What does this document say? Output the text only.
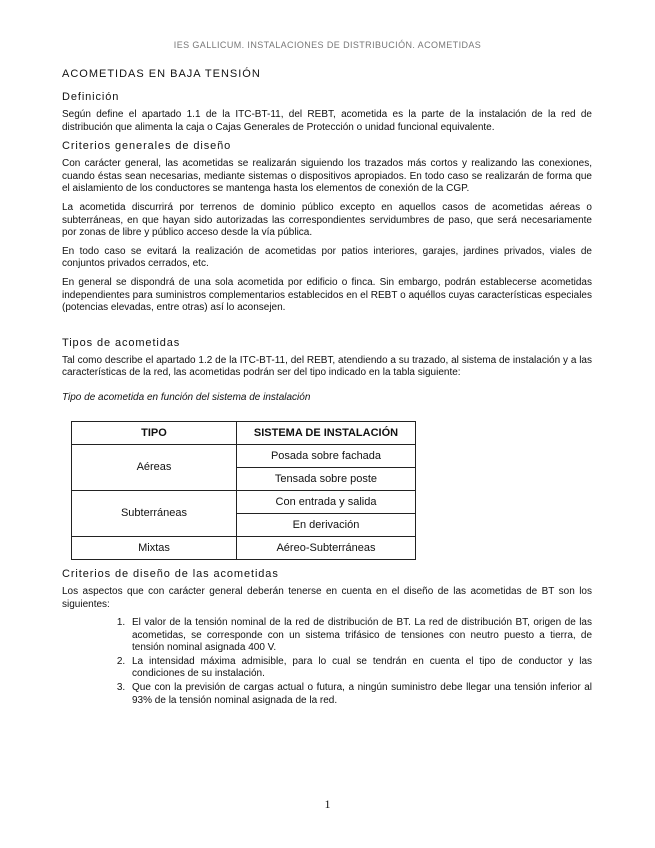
IES GALLICUM. INSTALACIONES DE DISTRIBUCIÓN. ACOMETIDAS
ACOMETIDAS EN BAJA TENSIÓN
Definición

Según define el apartado 1.1 de la ITC-BT-11, del REBT, acometida es la parte de la instalación de la red de distribución que alimenta la caja o Cajas Generales de Protección o unidad funcional equivalente.

Criterios generales de diseño

Con carácter general, las acometidas se realizarán siguiendo los trazados más cortos y realizando las conexiones, cuando éstas sean necesarias, mediante sistemas o dispositivos apropiados. En todo caso se realizarán de forma que el aislamiento de los conductores se mantenga hasta los elementos de conexión de la CGP.

La acometida discurrirá por terrenos de dominio público excepto en aquellos casos de acometidas aéreas o subterráneas, en que hayan sido autorizadas las correspondientes servidumbres de paso, que será necesariamente por zonas de libre y público acceso desde la vía pública.

En todo caso se evitará la realización de acometidas por patios interiores, garajes, jardines privados, viales de conjuntos privados cerrados, etc.

En general se dispondrá de una sola acometida por edificio o finca. Sin embargo, podrán establecerse acometidas independientes para suministros complementarios establecidos en el REBT o aquéllos cuyas características especiales (potencias elevadas, entre otras) así lo aconsejen.

Tipos de acometidas

Tal como describe el apartado 1.2 de la ITC-BT-11, del REBT, atendiendo a su trazado, al sistema de instalación y a las características de la red, las acometidas podrán ser del tipo indicado en la tabla siguiente:

Tipo de acometida en función del sistema de instalación
TIPO	SISTEMA DE INSTALACIÓN
Aéreas	Posada sobre fachada
	Tensada sobre poste
Subterráneas	Con entrada y salida
	En derivación
Mixtas	Aéreo-Subterráneas
Criterios de diseño de las acometidas

Los aspectos que con carácter general deberán tenerse en cuenta en el diseño de las acometidas de BT son los siguientes:

1. El valor de la tensión nominal de la red de distribución de BT. La red de distribución BT, origen de las acometidas, se corresponde con un sistema trifásico de tensiones con neutro puesto a tierra, de tensión nominal asignada 400 V.
2. La intensidad máxima admisible, para lo cual se tendrán en cuenta el tipo de conductor y las condiciones de su instalación.
3. Que con la previsión de cargas actual o futura, a ningún suministro debe llegar una tensión inferior al 93% de la tensión nominal asignada de la red.
1
